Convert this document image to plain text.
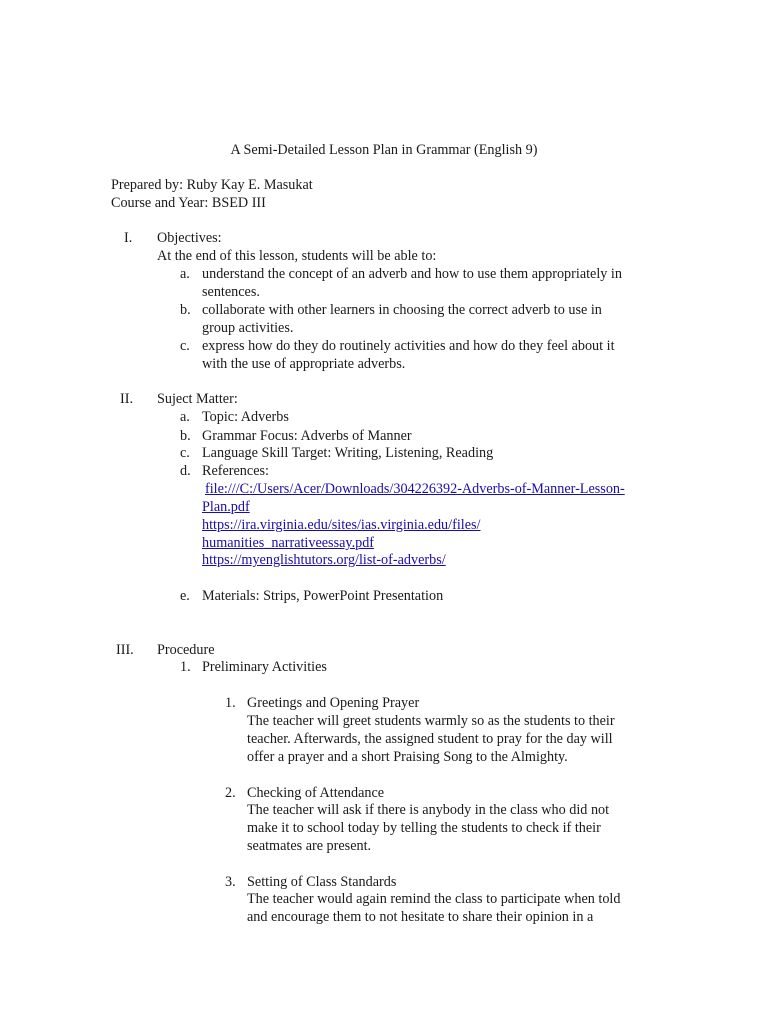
A Semi-Detailed Lesson Plan in Grammar (English 9)
Prepared by: Ruby Kay E. Masukat
Course and Year: BSED III
I. Objectives:
At the end of this lesson, students will be able to:
a. understand the concept of an adverb and how to use them appropriately in
sentences.
b. collaborate with other learners in choosing the correct adverb to use in
group activities.
c. express how do they do routinely activities and how do they feel about it
with the use of appropriate adverbs.
II. Suject Matter:
a. Topic: Adverbs
b. Grammar Focus: Adverbs of Manner
c. Language Skill Target: Writing, Listening, Reading
d. References:
file:///C:/Users/Acer/Downloads/304226392-Adverbs-of-Manner-Lesson-
Plan.pdf
https://ira.virginia.edu/sites/ias.virginia.edu/files/
humanities_narrativeessay.pdf
https://myenglishtutors.org/list-of-adverbs/
e. Materials: Strips, PowerPoint Presentation
III. Procedure
1. Preliminary Activities
1. Greetings and Opening Prayer
The teacher will greet students warmly so as the students to their
teacher. Afterwards, the assigned student to pray for the day will
offer a prayer and a short Praising Song to the Almighty.
2. Checking of Attendance
The teacher will ask if there is anybody in the class who did not
make it to school today by telling the students to check if their
seatmates are present.
3. Setting of Class Standards
The teacher would again remind the class to participate when told
and encourage them to not hesitate to share their opinion in a
